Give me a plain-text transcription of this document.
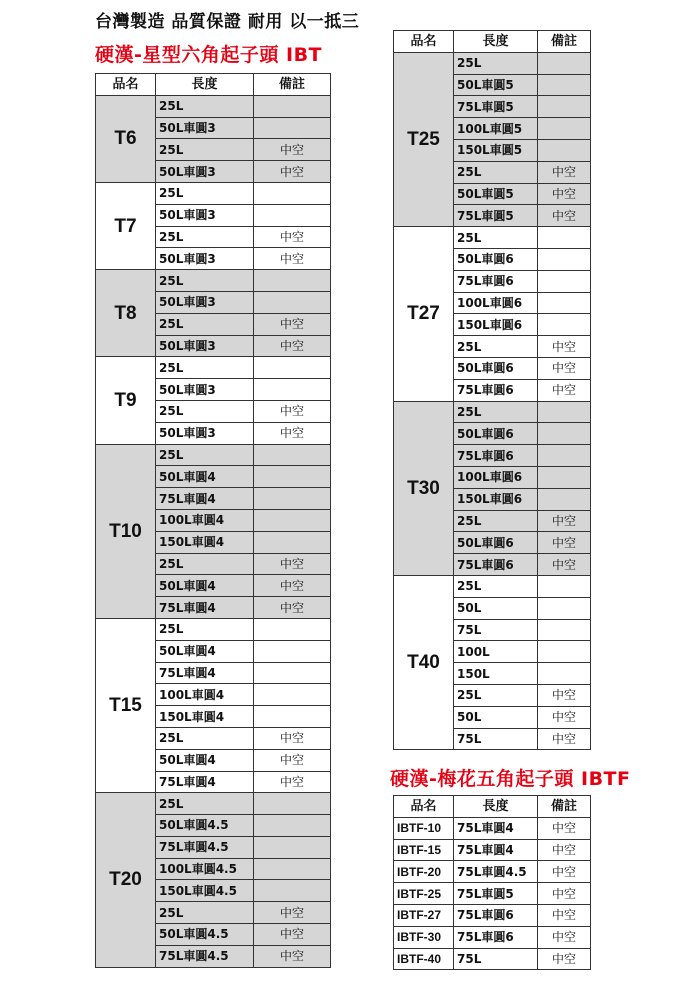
台灣製造 品質保證 耐用 以一抵三
硬漢-星型六角起子頭 IBT
品名	長度	備註
T6	25L	
	50L車圓3	
	25L	中空
	50L車圓3	中空
T7	25L	
	50L車圓3	
	25L	中空
	50L車圓3	中空
T8	25L	
	50L車圓3	
	25L	中空
	50L車圓3	中空
T9	25L	
	50L車圓3	
	25L	中空
	50L車圓3	中空
T10	25L	
	50L車圓4	
	75L車圓4	
	100L車圓4	
	150L車圓4	
	25L	中空
	50L車圓4	中空
	75L車圓4	中空
T15	25L	
	50L車圓4	
	75L車圓4	
	100L車圓4	
	150L車圓4	
	25L	中空
	50L車圓4	中空
	75L車圓4	中空
T20	25L	
	50L車圓4.5	
	75L車圓4.5	
	100L車圓4.5	
	150L車圓4.5	
	25L	中空
	50L車圓4.5	中空
	75L車圓4.5	中空
品名	長度	備註
T25	25L	
	50L車圓5	
	75L車圓5	
	100L車圓5	
	150L車圓5	
	25L	中空
	50L車圓5	中空
	75L車圓5	中空
T27	25L	
	50L車圓6	
	75L車圓6	
	100L車圓6	
	150L車圓6	
	25L	中空
	50L車圓6	中空
	75L車圓6	中空
T30	25L	
	50L車圓6	
	75L車圓6	
	100L車圓6	
	150L車圓6	
	25L	中空
	50L車圓6	中空
	75L車圓6	中空
T40	25L	
	50L	
	75L	
	100L	
	150L	
	25L	中空
	50L	中空
	75L	中空
硬漢-梅花五角起子頭 IBTF
品名	長度	備註
IBTF-10	75L車圓4	中空
IBTF-15	75L車圓4	中空
IBTF-20	75L車圓4.5	中空
IBTF-25	75L車圓5	中空
IBTF-27	75L車圓6	中空
IBTF-30	75L車圓6	中空
IBTF-40	75L	中空
